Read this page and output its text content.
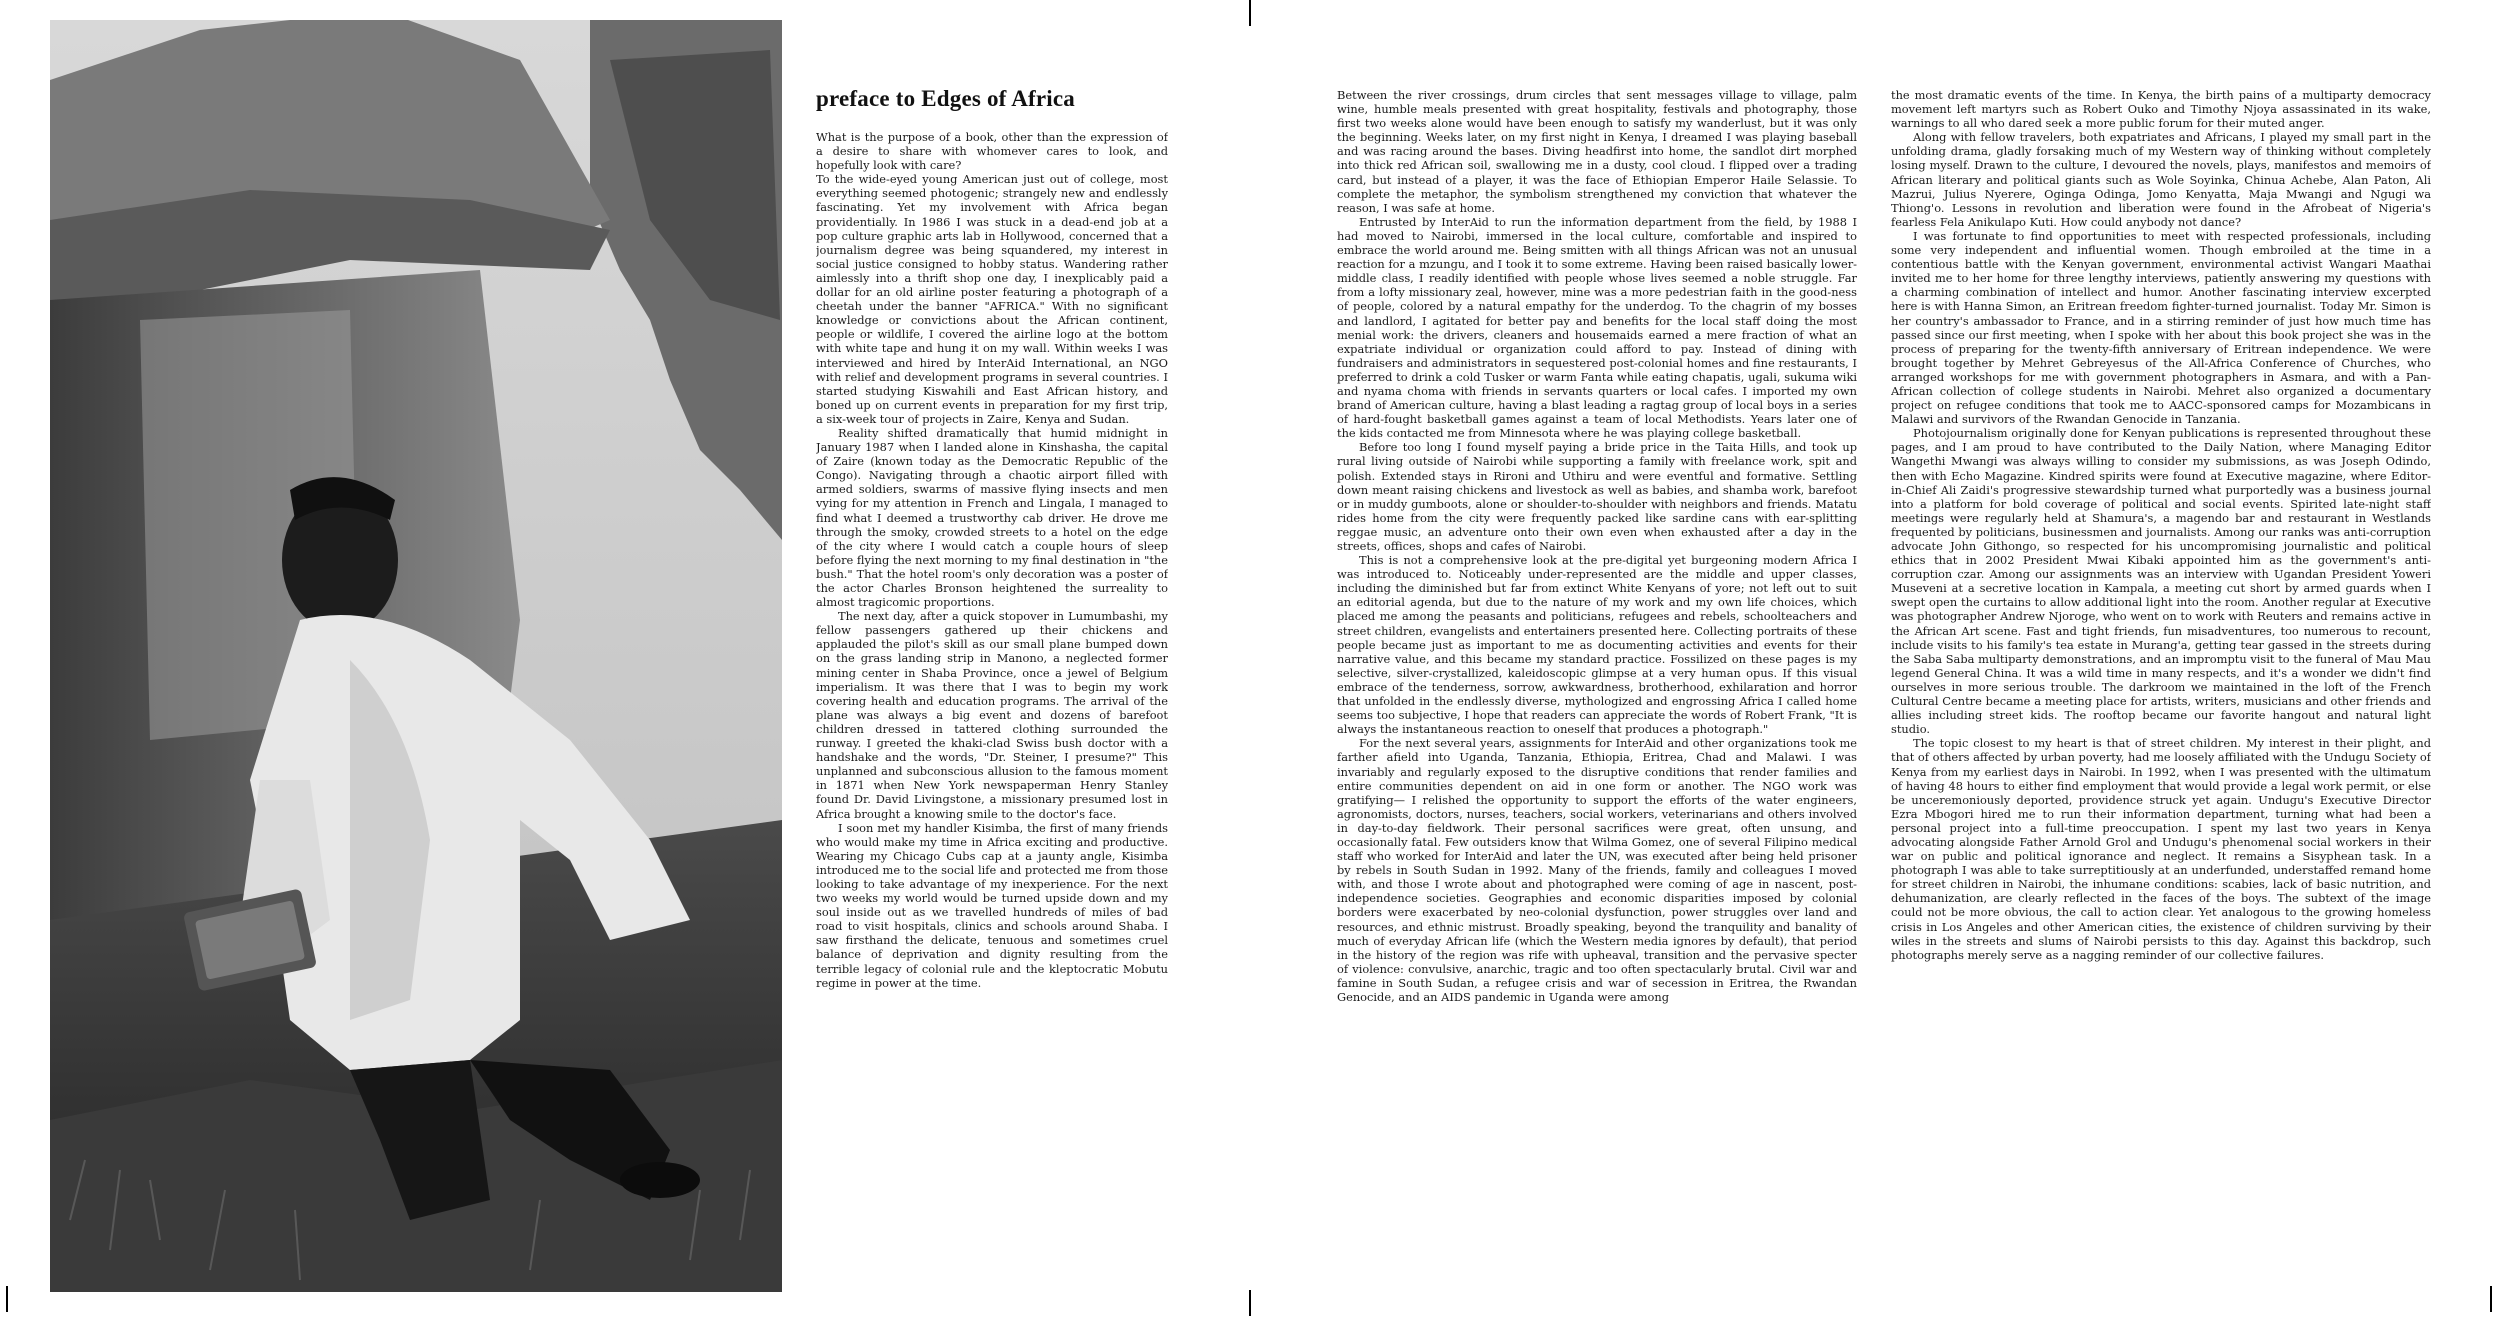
preface to Edges of Africa

What is the purpose of a book, other than the expression of a desire to share with whomever cares to look, and hopefully look with care?

To the wide-eyed young American just out of college, most everything seemed photogenic; strangely new and endlessly fascinating. Yet my involvement with Africa began providentially. In 1986 I was stuck in a dead-end job at a pop culture graphic arts lab in Hollywood, concerned that a journalism degree was being squandered, my interest in social justice consigned to hobby status. Wandering rather aimlessly into a thrift shop one day, I inexplicably paid a dollar for an old airline poster featuring a photograph of a cheetah under the banner "AFRICA." With no significant knowledge or convictions about the African continent, people or wildlife, I covered the airline logo at the bottom with white tape and hung it on my wall. Within weeks I was interviewed and hired by InterAid International, an NGO with relief and development programs in several countries. I started studying Kiswahili and East African history, and boned up on current events in preparation for my first trip, a six-week tour of projects in Zaire, Kenya and Sudan.

Reality shifted dramatically that humid midnight in January 1987 when I landed alone in Kinshasha, the capital of Zaire (known today as the Democratic Republic of the Congo). Navigating through a chaotic airport filled with armed soldiers, swarms of massive flying insects and men vying for my attention in French and Lingala, I managed to find what I deemed a trustworthy cab driver. He drove me through the smoky, crowded streets to a hotel on the edge of the city where I would catch a couple hours of sleep before flying the next morning to my final destination in "the bush." That the hotel room's only decoration was a poster of the actor Charles Bronson heightened the surreality to almost tragicomic proportions.

The next day, after a quick stopover in Lumumbashi, my fellow passengers gathered up their chickens and applauded the pilot's skill as our small plane bumped down on the grass landing strip in Manono, a neglected former mining center in Shaba Province, once a jewel of Belgium imperialism. It was there that I was to begin my work covering health and education programs. The arrival of the plane was always a big event and dozens of barefoot children dressed in tattered clothing surrounded the runway. I greeted the khaki-clad Swiss bush doctor with a handshake and the words, "Dr. Steiner, I presume?" This unplanned and subconscious allusion to the famous moment in 1871 when New York newspaperman Henry Stanley found Dr. David Livingstone, a missionary presumed lost in Africa brought a knowing smile to the doctor's face.

I soon met my handler Kisimba, the first of many friends who would make my time in Africa exciting and productive. Wearing my Chicago Cubs cap at a jaunty angle, Kisimba introduced me to the social life and protected me from those looking to take advantage of my inexperience. For the next two weeks my world would be turned upside down and my soul inside out as we travelled hundreds of miles of bad road to visit hospitals, clinics and schools around Shaba. I saw firsthand the delicate, tenuous and sometimes cruel balance of deprivation and dignity resulting from the terrible legacy of colonial rule and the kleptocratic Mobutu regime in power at the time.

Between the river crossings, drum circles that sent messages village to village, palm wine, humble meals presented with great hospitality, festivals and photography, those first two weeks alone would have been enough to satisfy my wanderlust, but it was only the beginning. Weeks later, on my first night in Kenya, I dreamed I was playing baseball and was racing around the bases. Diving headfirst into home, the sandlot dirt morphed into thick red African soil, swallowing me in a dusty, cool cloud. I flipped over a trading card, but instead of a player, it was the face of Ethiopian Emperor Haile Selassie. To complete the metaphor, the symbolism strengthened my conviction that whatever the reason, I was safe at home.

Entrusted by InterAid to run the information department from the field, by 1988 I had moved to Nairobi, immersed in the local culture, comfortable and inspired to embrace the world around me. Being smitten with all things African was not an unusual reaction for a mzungu, and I took it to some extreme. Having been raised basically lower-middle class, I readily identified with people whose lives seemed a noble struggle. Far from a lofty missionary zeal, however, mine was a more pedestrian faith in the good-ness of people, colored by a natural empathy for the underdog. To the chagrin of my bosses and landlord, I agitated for better pay and benefits for the local staff doing the most menial work: the drivers, cleaners and housemaids earned a mere fraction of what an expatriate individual or organization could afford to pay. Instead of dining with fundraisers and administrators in sequestered post-colonial homes and fine restaurants, I preferred to drink a cold Tusker or warm Fanta while eating chapatis, ugali, sukuma wiki and nyama choma with friends in servants quarters or local cafes. I imported my own brand of American culture, having a blast leading a ragtag group of local boys in a series of hard-fought basketball games against a team of local Methodists. Years later one of the kids contacted me from Minnesota where he was playing college basketball.

Before too long I found myself paying a bride price in the Taita Hills, and took up rural living outside of Nairobi while supporting a family with freelance work, spit and polish. Extended stays in Rironi and Uthiru and were eventful and formative. Settling down meant raising chickens and livestock as well as babies, and shamba work, barefoot or in muddy gumboots, alone or shoulder-to-shoulder with neighbors and friends. Matatu rides home from the city were frequently packed like sardine cans with ear-splitting reggae music, an adventure onto their own even when exhausted after a day in the streets, offices, shops and cafes of Nairobi.

This is not a comprehensive look at the pre-digital yet burgeoning modern Africa I was introduced to. Noticeably under-represented are the middle and upper classes, including the diminished but far from extinct White Kenyans of yore; not left out to suit an editorial agenda, but due to the nature of my work and my own life choices, which placed me among the peasants and politicians, refugees and rebels, schoolteachers and street children, evangelists and entertainers presented here. Collecting portraits of these people became just as important to me as documenting activities and events for their narrative value, and this became my standard practice. Fossilized on these pages is my selective, silver-crystallized, kaleidoscopic glimpse at a very human opus. If this visual embrace of the tenderness, sorrow, awkwardness, brotherhood, exhilaration and horror that unfolded in the endlessly diverse, mythologized and engrossing Africa I called home seems too subjective, I hope that readers can appreciate the words of Robert Frank, "It is always the instantaneous reaction to oneself that produces a photograph."

For the next several years, assignments for InterAid and other organizations took me farther afield into Uganda, Tanzania, Ethiopia, Eritrea, Chad and Malawi. I was invariably and regularly exposed to the disruptive conditions that render families and entire communities dependent on aid in one form or another. The NGO work was gratifying— I relished the opportunity to support the efforts of the water engineers, agronomists, doctors, nurses, teachers, social workers, veterinarians and others involved in day-to-day fieldwork. Their personal sacrifices were great, often unsung, and occasionally fatal. Few outsiders know that Wilma Gomez, one of several Filipino medical staff who worked for InterAid and later the UN, was executed after being held prisoner by rebels in South Sudan in 1992. Many of the friends, family and colleagues I moved with, and those I wrote about and photographed were coming of age in nascent, post-independence societies. Geographies and economic disparities imposed by colonial borders were exacerbated by neo-colonial dysfunction, power struggles over land and resources, and ethnic mistrust. Broadly speaking, beyond the tranquility and banality of much of everyday African life (which the Western media ignores by default), that period in the history of the region was rife with upheaval, transition and the pervasive specter of violence: convulsive, anarchic, tragic and too often spectacularly brutal. Civil war and famine in South Sudan, a refugee crisis and war of secession in Eritrea, the Rwandan Genocide, and an AIDS pandemic in Uganda were among

the most dramatic events of the time. In Kenya, the birth pains of a multiparty democracy movement left martyrs such as Robert Ouko and Timothy Njoya assassinated in its wake, warnings to all who dared seek a more public forum for their muted anger.

Along with fellow travelers, both expatriates and Africans, I played my small part in the unfolding drama, gladly forsaking much of my Western way of thinking without completely losing myself. Drawn to the culture, I devoured the novels, plays, manifestos and memoirs of African literary and political giants such as Wole Soyinka, Chinua Achebe, Alan Paton, Ali Mazrui, Julius Nyerere, Oginga Odinga, Jomo Kenyatta, Maja Mwangi and Ngugi wa Thiong'o. Lessons in revolution and liberation were found in the Afrobeat of Nigeria's fearless Fela Anikulapo Kuti. How could anybody not dance?

I was fortunate to find opportunities to meet with respected professionals, including some very independent and influential women. Though embroiled at the time in a contentious battle with the Kenyan government, environmental activist Wangari Maathai invited me to her home for three lengthy interviews, patiently answering my questions with a charming combination of intellect and humor. Another fascinating interview excerpted here is with Hanna Simon, an Eritrean freedom fighter-turned journalist. Today Mr. Simon is her country's ambassador to France, and in a stirring reminder of just how much time has passed since our first meeting, when I spoke with her about this book project she was in the process of preparing for the twenty-fifth anniversary of Eritrean independence. We were brought together by Mehret Gebreyesus of the All-Africa Conference of Churches, who arranged workshops for me with government photographers in Asmara, and with a Pan-African collection of college students in Nairobi. Mehret also organized a documentary project on refugee conditions that took me to AACC-sponsored camps for Mozambicans in Malawi and survivors of the Rwandan Genocide in Tanzania.

Photojournalism originally done for Kenyan publications is represented throughout these pages, and I am proud to have contributed to the Daily Nation, where Managing Editor Wangethi Mwangi was always willing to consider my submissions, as was Joseph Odindo, then with Echo Magazine. Kindred spirits were found at Executive magazine, where Editor-in-Chief Ali Zaidi's progressive stewardship turned what purportedly was a business journal into a platform for bold coverage of political and social events. Spirited late-night staff meetings were regularly held at Shamura's, a magendo bar and restaurant in Westlands frequented by politicians, businessmen and journalists. Among our ranks was anti-corruption advocate John Githongo, so respected for his uncompromising journalistic and political ethics that in 2002 President Mwai Kibaki appointed him as the government's anti-corruption czar. Among our assignments was an interview with Ugandan President Yoweri Museveni at a secretive location in Kampala, a meeting cut short by armed guards when I swept open the curtains to allow additional light into the room. Another regular at Executive was photographer Andrew Njoroge, who went on to work with Reuters and remains active in the African Art scene. Fast and tight friends, fun misadventures, too numerous to recount, include visits to his family's tea estate in Murang'a, getting tear gassed in the streets during the Saba Saba multiparty demonstrations, and an impromptu visit to the funeral of Mau Mau legend General China. It was a wild time in many respects, and it's a wonder we didn't find ourselves in more serious trouble. The darkroom we maintained in the loft of the French Cultural Centre became a meeting place for artists, writers, musicians and other friends and allies including street kids. The rooftop became our favorite hangout and natural light studio.

The topic closest to my heart is that of street children. My interest in their plight, and that of others affected by urban poverty, had me loosely affiliated with the Undugu Society of Kenya from my earliest days in Nairobi. In 1992, when I was presented with the ultimatum of having 48 hours to either find employment that would provide a legal work permit, or else be unceremoniously deported, providence struck yet again. Undugu's Executive Director Ezra Mbogori hired me to run their information department, turning what had been a personal project into a full-time preoccupation. I spent my last two years in Kenya advocating alongside Father Arnold Grol and Undugu's phenomenal social workers in their war on public and political ignorance and neglect. It remains a Sisyphean task. In a photograph I was able to take surreptitiously at an underfunded, understaffed remand home for street children in Nairobi, the inhumane conditions: scabies, lack of basic nutrition, and dehumanization, are clearly reflected in the faces of the boys. The subtext of the image could not be more obvious, the call to action clear. Yet analogous to the growing homeless crisis in Los Angeles and other American cities, the existence of children surviving by their wiles in the streets and slums of Nairobi persists to this day. Against this backdrop, such photographs merely serve as a nagging reminder of our collective failures.
